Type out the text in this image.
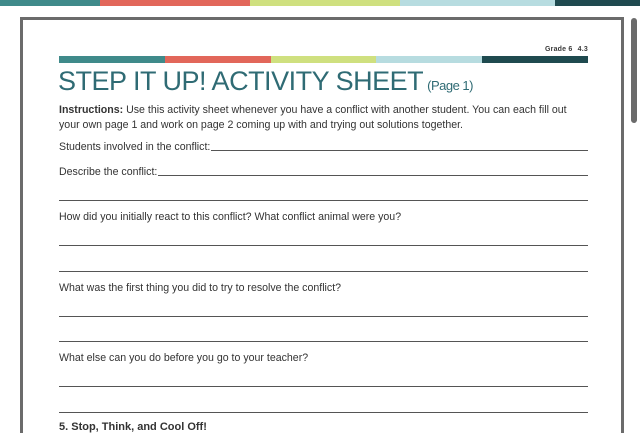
Grade 6 4.3
STEP IT UP! ACTIVITY SHEET (Page 1)
Instructions: Use this activity sheet whenever you have a conflict with another student. You can each fill out your own page 1 and work on page 2 coming up with and trying out solutions together.
Students involved in the conflict:
Describe the conflict:
How did you initially react to this conflict? What conflict animal were you?
What was the first thing you did to try to resolve the conflict?
What else can you do before you go to your teacher?
5. Stop, Think, and Cool Off!
